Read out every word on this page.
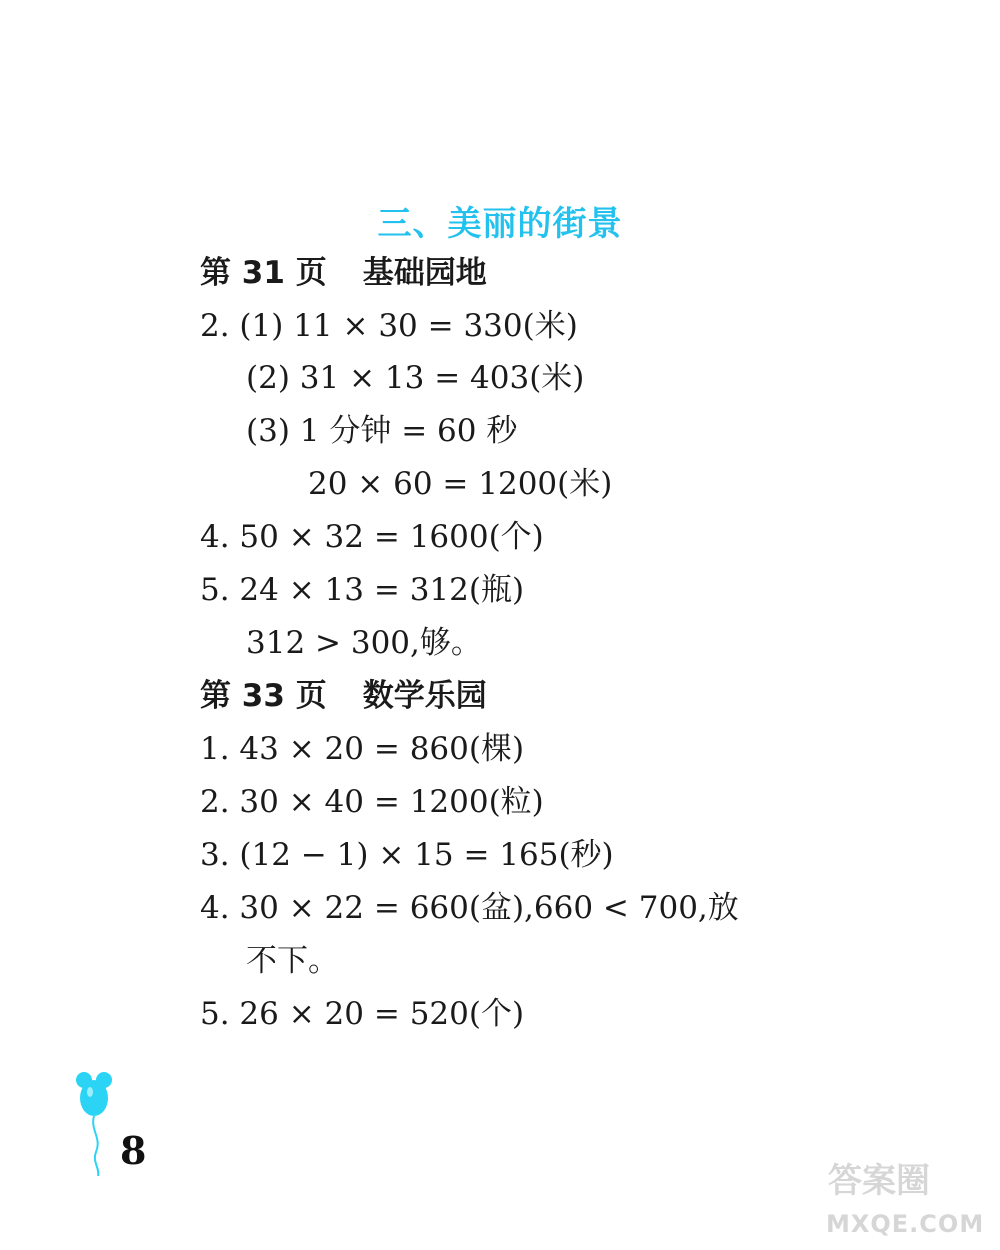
三、美丽的街景
第 31 页 基础园地
2. (1) 11 × 30 = 330(米)
(2) 31 × 13 = 403(米)
(3) 1 分钟 = 60 秒
20 × 60 = 1200(米)
4. 50 × 32 = 1600(个)
5. 24 × 13 = 312(瓶)
312 > 300,够。
第 33 页 数学乐园
1. 43 × 20 = 860(棵)
2. 30 × 40 = 1200(粒)
3. (12 − 1) × 15 = 165(秒)
4. 30 × 22 = 660(盆),660 < 700,放
不下。
5. 26 × 20 = 520(个)
8
答案圈
MXQE.COM
